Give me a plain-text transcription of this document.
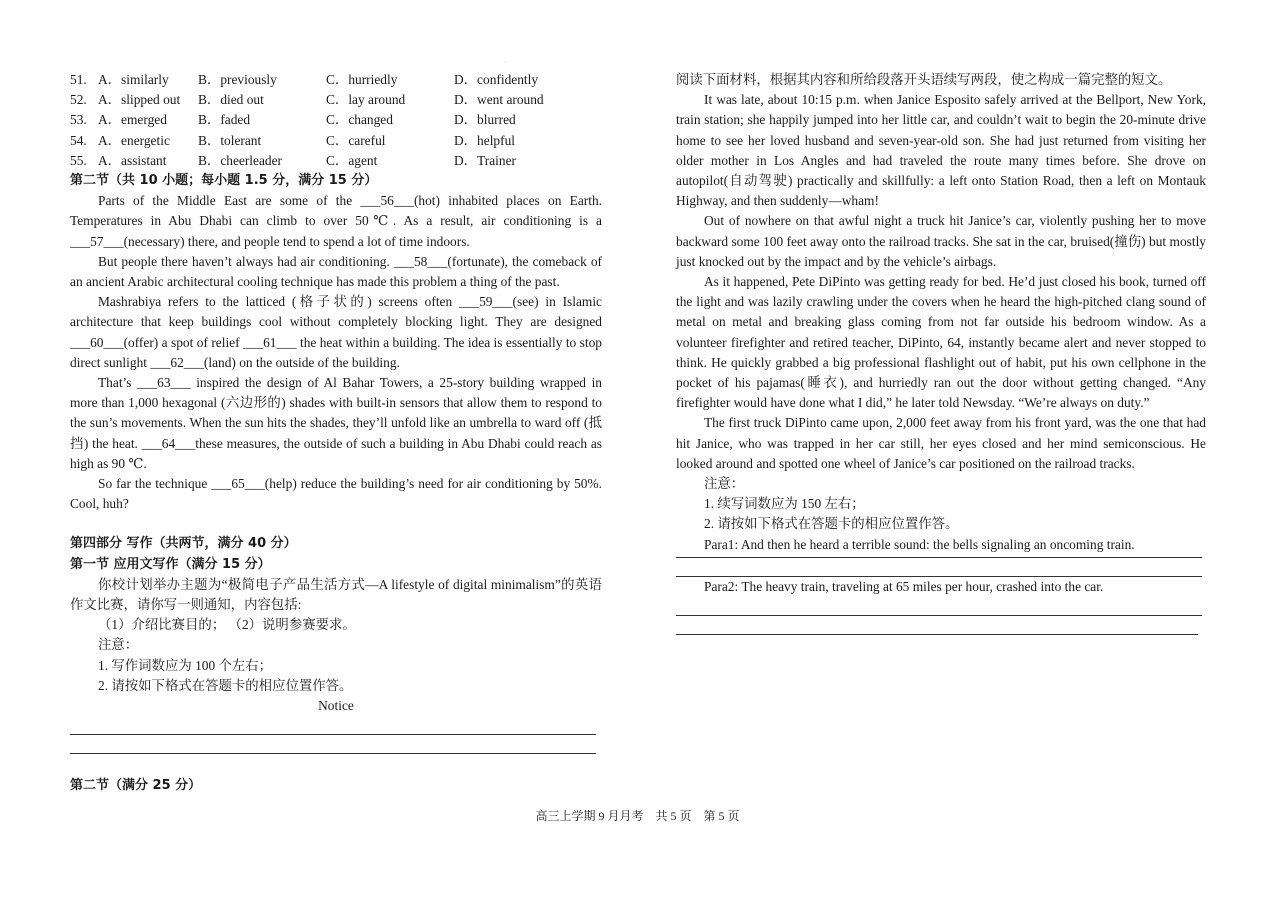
·
51. A．similarly	B．previously	C．hurriedly	D．confidently
52. A．slipped out	B．died out	C．lay around	D．went around
53. A．emerged	B．faded	C．changed	D．blurred
54. A．energetic	B．tolerant	C．careful	D．helpful
55. A．assistant	B．cheerleader	C．agent	D．Trainer
第二节（共 10 小题；每小题 1.5 分，满分 15 分）
Parts of the Middle East are some of the ___56___(hot) inhabited places on Earth. Temperatures in Abu Dhabi can climb to over 50℃. As a result, air conditioning is a ___57___(necessary) there, and people tend to spend a lot of time indoors.
But people there haven’t always had air conditioning. ___58___(fortunate), the comeback of an ancient Arabic architectural cooling technique has made this problem a thing of the past.
Mashrabiya refers to the latticed (格子状的) screens often ___59___(see) in Islamic architecture that keep buildings cool without completely blocking light. They are designed ___60___(offer) a spot of relief ___61___ the heat within a building. The idea is essentially to stop direct sunlight ___62___(land) on the outside of the building.
That’s ___63___ inspired the design of Al Bahar Towers, a 25-story building wrapped in more than 1,000 hexagonal (六边形的) shades with built-in sensors that allow them to respond to the sun’s movements. When the sun hits the shades, they’ll unfold like an umbrella to ward off (抵挡) the heat. ___64___these measures, the outside of such a building in Abu Dhabi could reach as high as 90 ℃.
So far the technique ___65___(help) reduce the building’s need for air conditioning by 50%. Cool, huh?
第四部分 写作（共两节，满分 40 分）
第一节 应用文写作（满分 15 分）
你校计划举办主题为“极简电子产品生活方式—A lifestyle of digital minimalism”的英语作文比赛，请你写一则通知，内容包括:
（1）介绍比赛目的； （2）说明参赛要求。
注意：
1. 写作词数应为 100 个左右；
2. 请按如下格式在答题卡的相应位置作答。
Notice
第二节（满分 25 分）
阅读下面材料，根据其内容和所给段落开头语续写两段，使之构成一篇完整的短文。
It was late, about 10:15 p.m. when Janice Esposito safely arrived at the Bellport, New York, train station; she happily jumped into her little car, and couldn’t wait to begin the 20-minute drive home to see her loved husband and seven-year-old son. She had just returned from visiting her older mother in Los Angles and had traveled the route many times before. She drove on autopilot(自动驾驶) practically and skillfully: a left onto Station Road, then a left on Montauk Highway, and then suddenly—wham!
Out of nowhere on that awful night a truck hit Janice’s car, violently pushing her to move backward some 100 feet away onto the railroad tracks. She sat in the car, bruised(撞伤) but mostly just knocked out by the impact and by the vehicle’s airbags.
As it happened, Pete DiPinto was getting ready for bed. He’d just closed his book, turned off the light and was lazily crawling under the covers when he heard the high-pitched clang sound of metal on metal and breaking glass coming from not far outside his bedroom window. As a volunteer firefighter and retired teacher, DiPinto, 64, instantly became alert and never stopped to think. He quickly grabbed a big professional flashlight out of habit, put his own cellphone in the pocket of his pajamas(睡衣), and hurriedly ran out the door without getting changed. “Any firefighter would have done what I did,” he later told Newsday. “We’re always on duty.”
The first truck DiPinto came upon, 2,000 feet away from his front yard, was the one that had hit Janice, who was trapped in her car still, her eyes closed and her mind semiconscious. He looked around and spotted one wheel of Janice’s car positioned on the railroad tracks.
注意：
1. 续写词数应为 150 左右；
2. 请按如下格式在答题卡的相应位置作答。
Para1: And then he heard a terrible sound: the bells signaling an oncoming train.
Para2: The heavy train, traveling at 65 miles per hour, crashed into the car.
高三上学期 9 月月考　共 5 页　第 5 页
